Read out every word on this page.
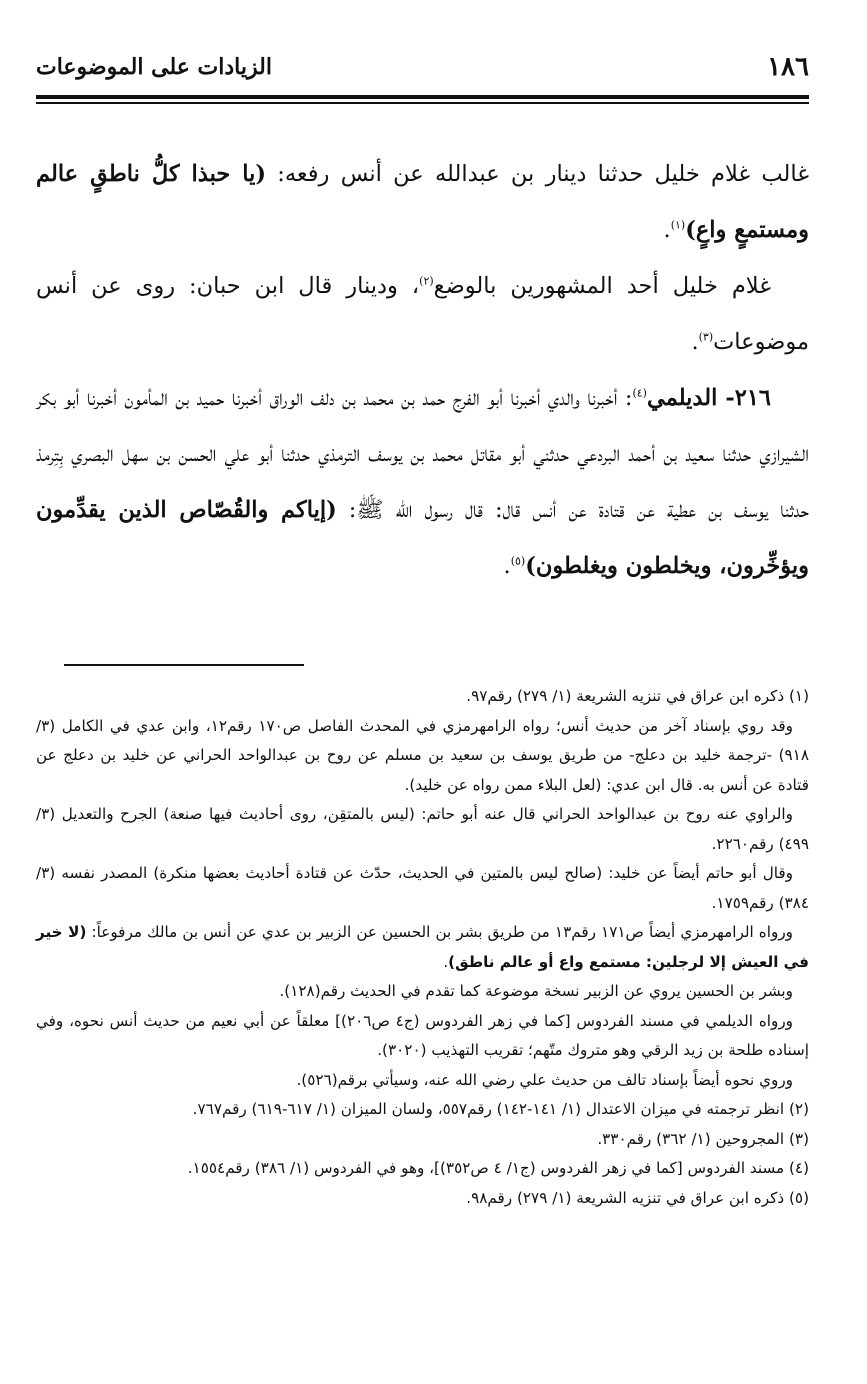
١٨٦
الزيادات على الموضوعات

غالب غلام خليل حدثنا دينار بن عبدالله عن أنس رفعه: (يا حبذا كلُّ ناطقٍ عالم ومستمعٍ واعٍ)$^{(١)}$.

غلام خليل أحد المشهورين بالوضع$^{(٢)}$، ودينار قال ابن حبان: روى عن أنس موضوعات$^{(٣)}$.

٢١٦- الديلمي$^{(٤)}$: أخبرنا والدي أخبرنا أبو الفرج حمد بن محمد بن دلف الوراق أخبرنا حميد بن المأمون أخبرنا أبو بكر الشيرازي حدثنا سعيد بن أحمد البردعي حدثني أبو مقاتل محمد بن يوسف الترمذي حدثنا أبو علي الحسن بن سهل البصري بِتِرمذ حدثنا يوسف بن عطية عن قتادة عن أنس قال: قال رسول الله ﷺ: (إياكم والقُصّاص الذين يقدِّمون ويؤخِّرون، ويخلطون ويغلطون)$^{(٥)}$.

(١) ذكره ابن عراق في تنزيه الشريعة (١/ ٢٧٩) رقم٩٧.

وقد روي بإسناد آخر من حديث أنس؛ رواه الرامهرمزي في المحدث الفاصل ص١٧٠ رقم١٢، وابن عدي في الكامل (٣/ ٩١٨) -ترجمة خليد بن دعلج- من طريق يوسف بن سعيد بن مسلم عن روح بن عبدالواحد الحراني عن خليد بن دعلج عن قتادة عن أنس به. قال ابن عدي: (لعل البلاء ممن رواه عن خليد).

والراوي عنه روح بن عبدالواحد الحراني قال عنه أبو حاتم: (ليس بالمتقِن، روى أحاديث فيها صنعة) الجرح والتعديل (٣/ ٤٩٩) رقم٢٢٦٠.

وقال أبو حاتم أيضاً عن خليد: (صالح ليس بالمتين في الحديث، حدّث عن قتادة أحاديث بعضها منكرة) المصدر نفسه (٣/ ٣٨٤) رقم١٧٥٩.

ورواه الرامهرمزي أيضاً ص١٧١ رقم١٣ من طريق بشر بن الحسين عن الزبير بن عدي عن أنس بن مالك مرفوعاً: (لا خير في العيش إلا لرجلين: مستمع واع أو عالم ناطق).

وبشر بن الحسين يروي عن الزبير نسخة موضوعة كما تقدم في الحديث رقم(١٢٨).

ورواه الديلمي في مسند الفردوس [كما في زهر الفردوس (ج٤ ص٢٠٦)] معلقاً عن أبي نعيم من حديث أنس نحوه، وفي إسناده طلحة بن زيد الرقي وهو متروك متّهم؛ تقريب التهذيب (٣٠٢٠).

وروي نحوه أيضاً بإسناد تالف من حديث علي رضي الله عنه، وسيأتي برقم(٥٢٦).

(٢) انظر ترجمته في ميزان الاعتدال (١/ ١٤١-١٤٢) رقم٥٥٧، ولسان الميزان (١/ ٦١٧-٦١٩) رقم٧٦٧.

(٣) المجروحين (١/ ٣٦٢) رقم٣٣٠.

(٤) مسند الفردوس [كما في زهر الفردوس (ج١/ ٤ ص٣٥٢)]، وهو في الفردوس (١/ ٣٨٦) رقم١٥٥٤.

(٥) ذكره ابن عراق في تنزيه الشريعة (١/ ٢٧٩) رقم٩٨.
